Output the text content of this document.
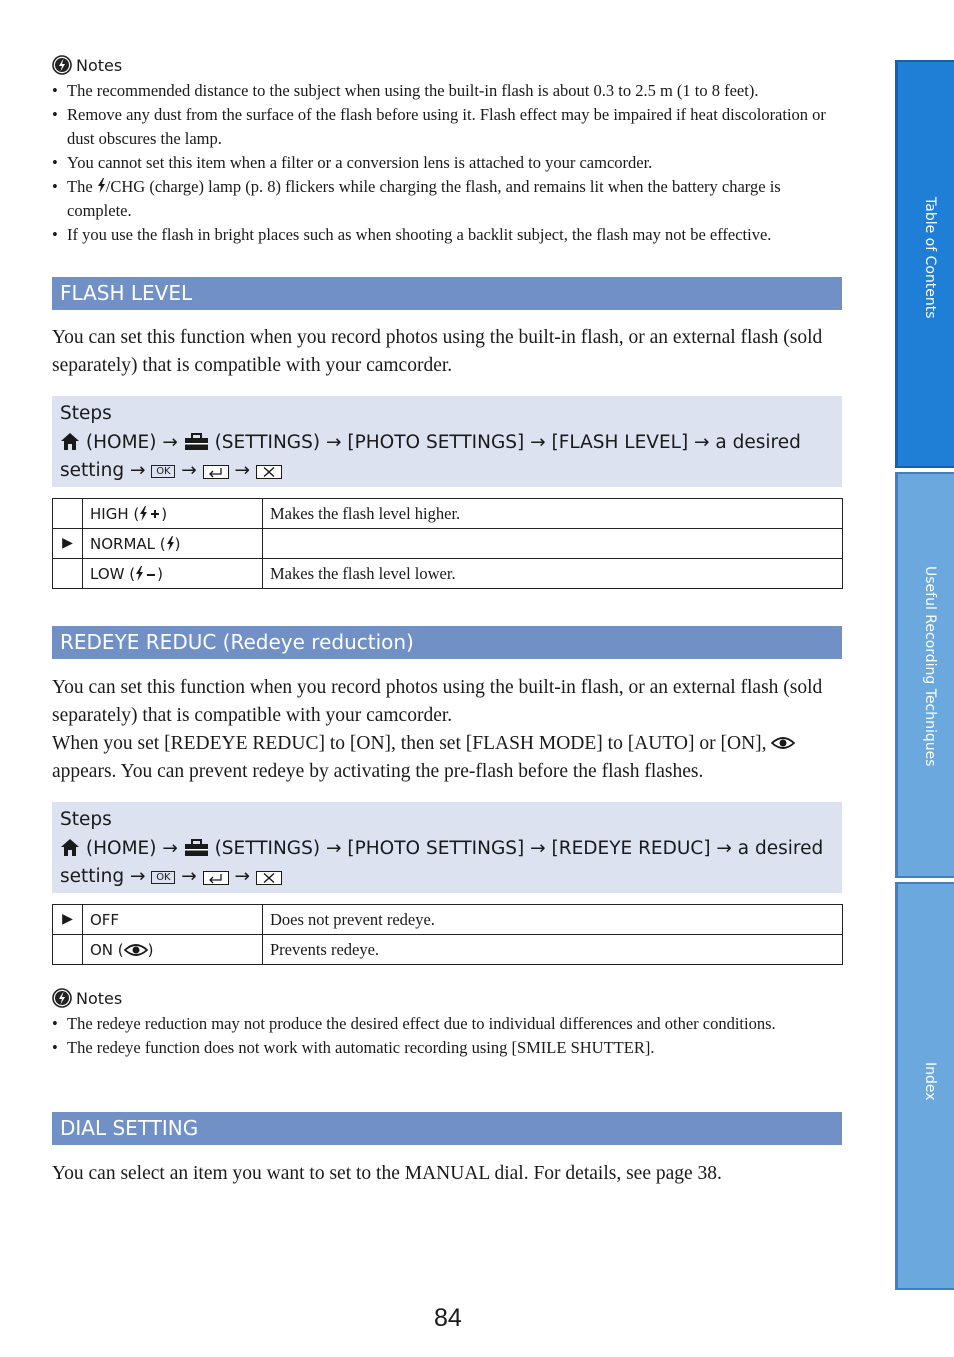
Notes
• The recommended distance to the subject when using the built-in flash is about 0.3 to 2.5 m (1 to 8 feet).
• Remove any dust from the surface of the flash before using it. Flash effect may be impaired if heat discoloration or dust obscures the lamp.
• You cannot set this item when a filter or a conversion lens is attached to your camcorder.
• The /CHG (charge) lamp (p. 8) flickers while charging the flash, and remains lit when the battery charge is complete.
• If you use the flash in bright places such as when shooting a backlit subject, the flash may not be effective.
FLASH LEVEL

You can set this function when you record photos using the built-in flash, or an external flash (sold separately) that is compatible with your camcorder.

Steps
(HOME) →  (SETTINGS) → [PHOTO SETTINGS] → [FLASH LEVEL] → a desired
setting → OK →  →
	HIGH ( )	Makes the flash level higher.
▶	NORMAL ( )	
	LOW ( )	Makes the flash level lower.
REDEYE REDUC (Redeye reduction)

You can set this function when you record photos using the built-in flash, or an external flash (sold separately) that is compatible with your camcorder.
When you set [REDEYE REDUC] to [ON], then set [FLASH MODE] to [AUTO] or [ON],
appears. You can prevent redeye by activating the pre-flash before the flash flashes.

Steps
(HOME) →  (SETTINGS) → [PHOTO SETTINGS] → [REDEYE REDUC] → a desired
setting → OK →  →
▶	OFF	Does not prevent redeye.
	ON ( )	Prevents redeye.
Notes
• The redeye reduction may not produce the desired effect due to individual differences and other conditions.
• The redeye function does not work with automatic recording using [SMILE SHUTTER].
DIAL SETTING

You can select an item you want to set to the MANUAL dial. For details, see page 38.

Table of Contents
Useful Recording Techniques
Index
84
